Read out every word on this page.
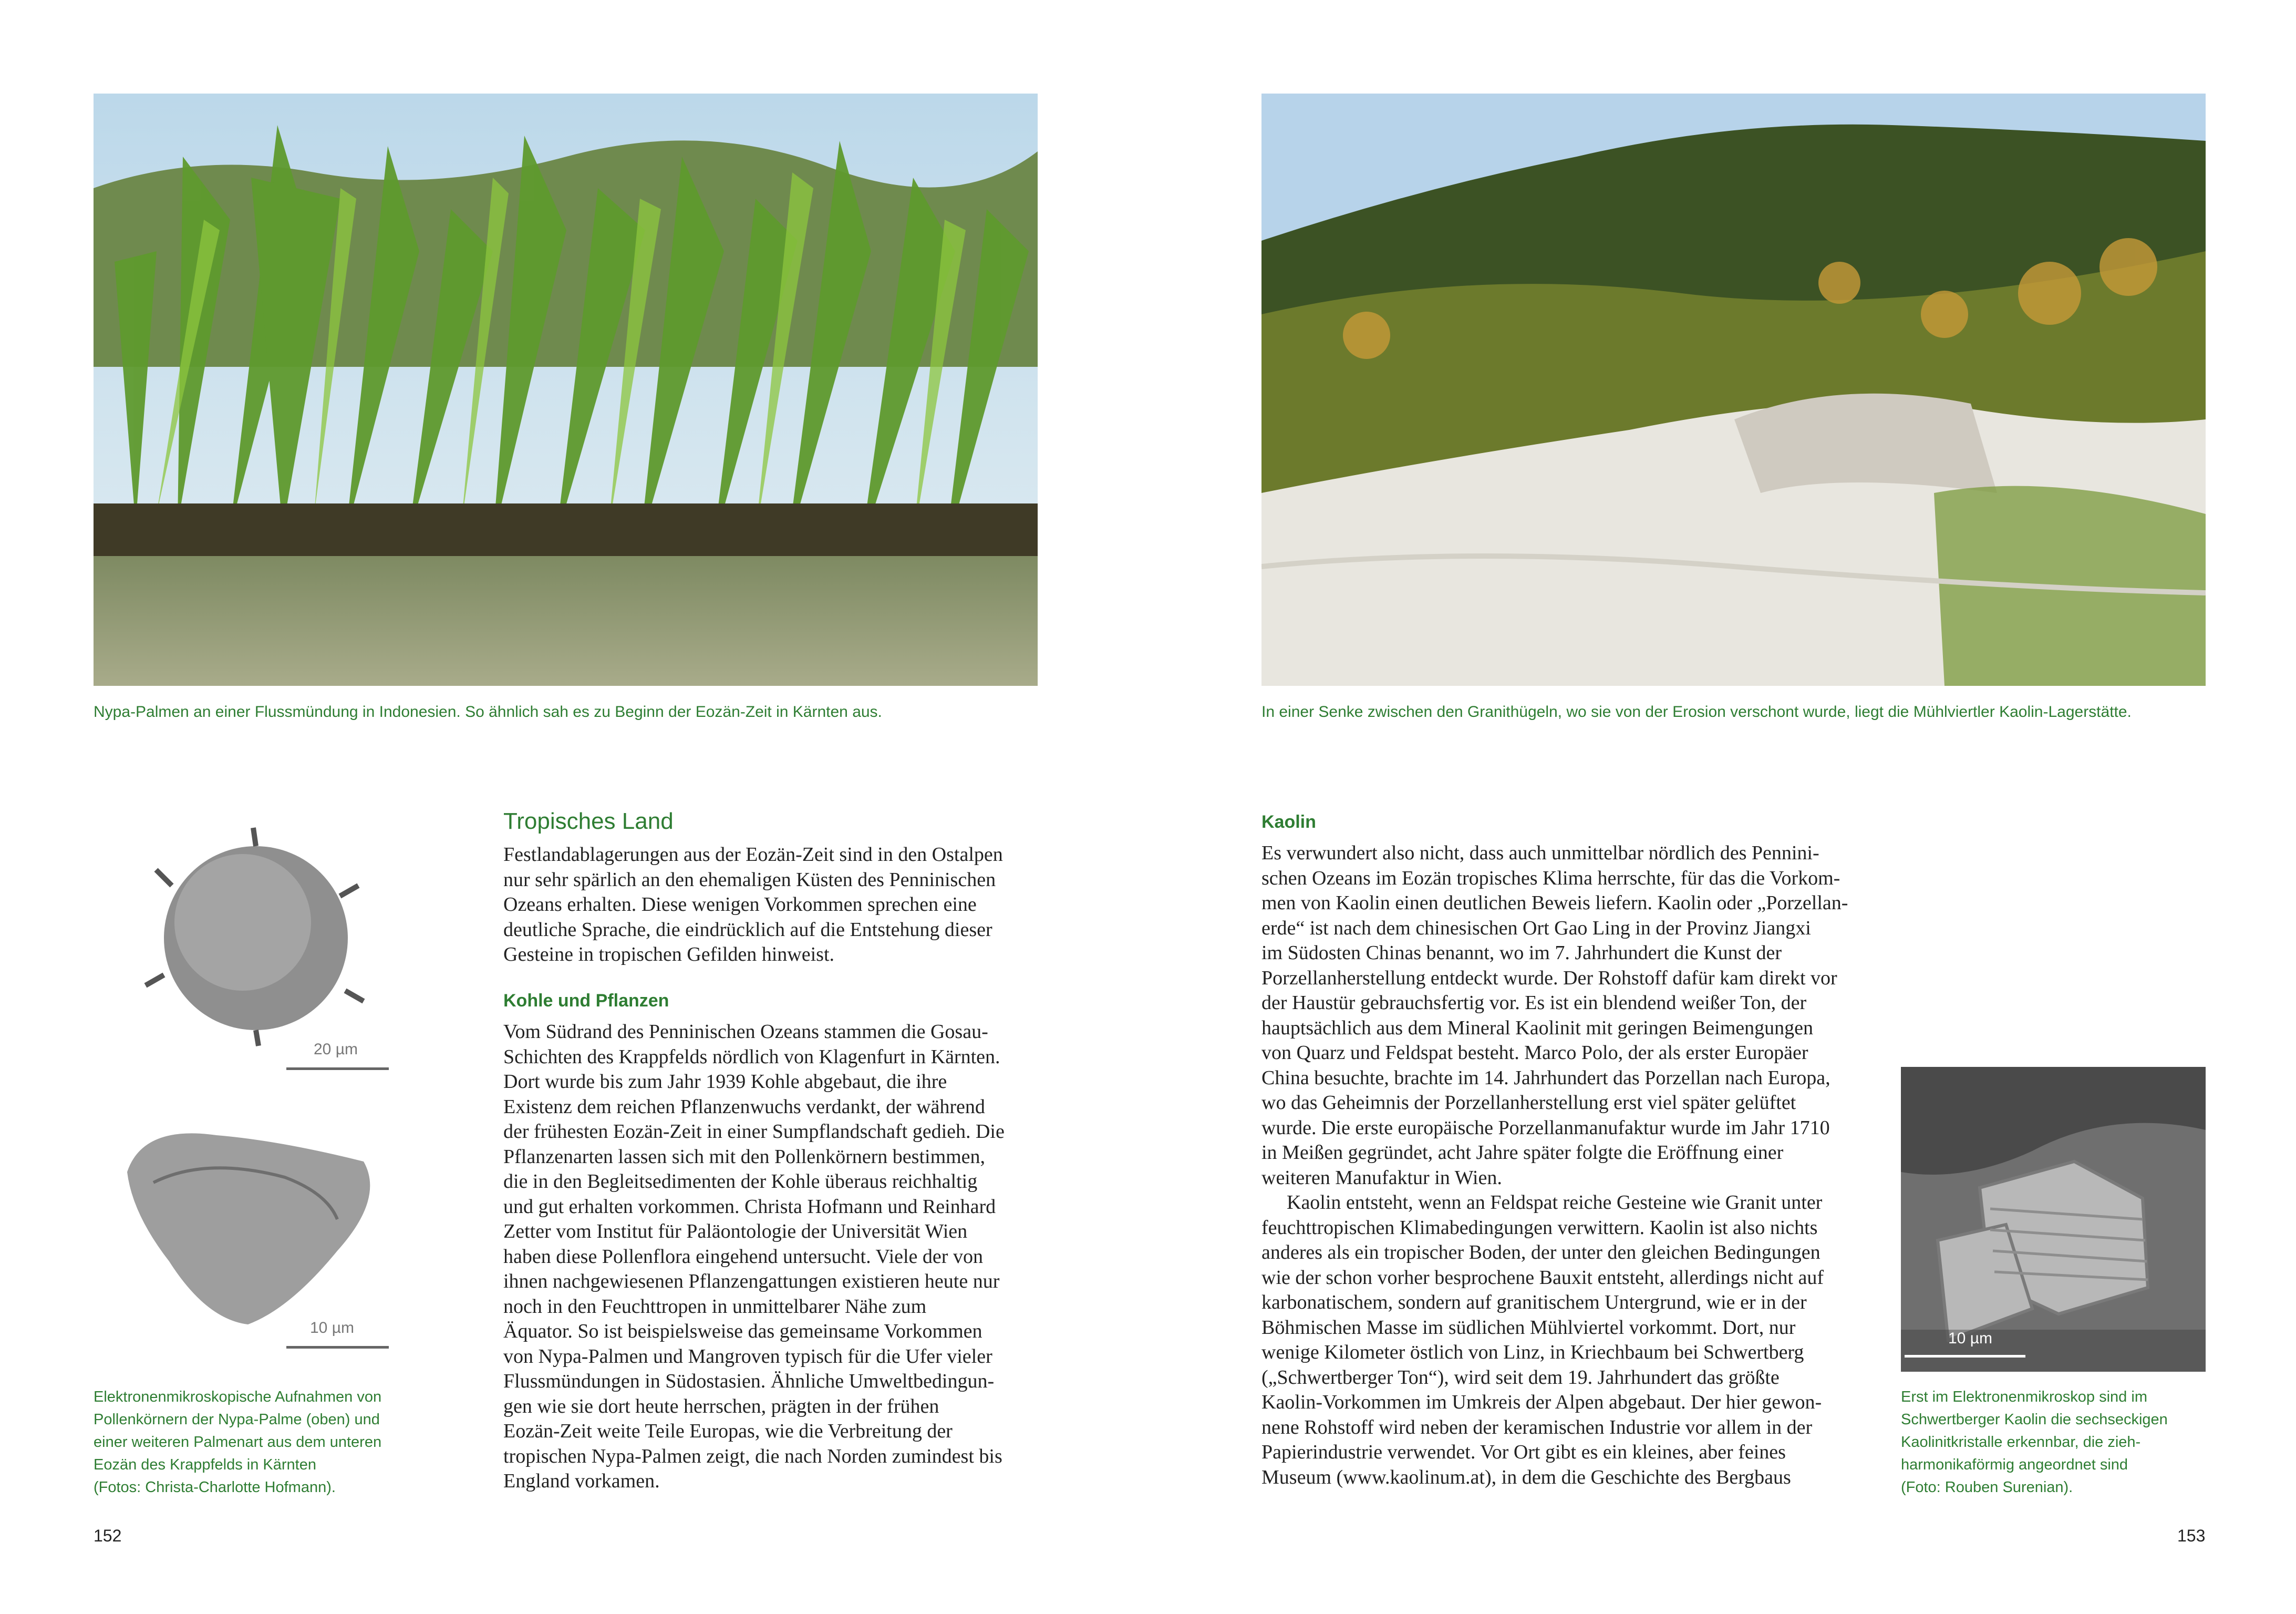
Nypa-Palmen an einer Flussmündung in Indonesien. So ähnlich sah es zu Beginn der Eozän-Zeit in Kärnten aus.
20 µm
10 µm
Elektronenmikroskopische Aufnahmen von
Pollenkörnern der Nypa-Palme (oben) und
einer weiteren Palmenart aus dem unteren
Eozän des Krappfelds in Kärnten
(Fotos: Christa-Charlotte Hofmann).
Tropisches Land
Festlandablagerungen aus der Eozän-Zeit sind in den Ostalpen
nur sehr spärlich an den ehemaligen Küsten des Penninischen
Ozeans erhalten. Diese wenigen Vorkommen sprechen eine
deutliche Sprache, die eindrücklich auf die Entstehung dieser
Gesteine in tropischen Gefilden hinweist.
Kohle und Pflanzen
Vom Südrand des Penninischen Ozeans stammen die Gosau-
Schichten des Krappfelds nördlich von Klagenfurt in Kärnten.
Dort wurde bis zum Jahr 1939 Kohle abgebaut, die ihre
Existenz dem reichen Pflanzenwuchs verdankt, der während
der frühesten Eozän-Zeit in einer Sumpflandschaft gedieh. Die
Pflanzenarten lassen sich mit den Pollenkörnern bestimmen,
die in den Begleitsedimenten der Kohle überaus reichhaltig
und gut erhalten vorkommen. Christa Hofmann und Reinhard
Zetter vom Institut für Paläontologie der Universität Wien
haben diese Pollenflora eingehend untersucht. Viele der von
ihnen nachgewiesenen Pflanzengattungen existieren heute nur
noch in den Feuchttropen in unmittelbarer Nähe zum
Äquator. So ist beispielsweise das gemeinsame Vorkommen
von Nypa-Palmen und Mangroven typisch für die Ufer vieler
Flussmündungen in Südostasien. Ähnliche Umweltbedingun-
gen wie sie dort heute herrschen, prägten in der frühen
Eozän-Zeit weite Teile Europas, wie die Verbreitung der
tropischen Nypa-Palmen zeigt, die nach Norden zumindest bis
England vorkamen.
152
In einer Senke zwischen den Granithügeln, wo sie von der Erosion verschont wurde, liegt die Mühlviertler Kaolin-Lagerstätte.
Kaolin
Es verwundert also nicht, dass auch unmittelbar nördlich des Pennini-
schen Ozeans im Eozän tropisches Klima herrschte, für das die Vorkom-
men von Kaolin einen deutlichen Beweis liefern. Kaolin oder „Porzellan-
erde“ ist nach dem chinesischen Ort Gao Ling in der Provinz Jiangxi
im Südosten Chinas benannt, wo im 7. Jahrhundert die Kunst der
Porzellanherstellung entdeckt wurde. Der Rohstoff dafür kam direkt vor
der Haustür gebrauchsfertig vor. Es ist ein blendend weißer Ton, der
hauptsächlich aus dem Mineral Kaolinit mit geringen Beimengungen
von Quarz und Feldspat besteht. Marco Polo, der als erster Europäer
China besuchte, brachte im 14. Jahrhundert das Porzellan nach Europa,
wo das Geheimnis der Porzellanherstellung erst viel später gelüftet
wurde. Die erste europäische Porzellanmanufaktur wurde im Jahr 1710
in Meißen gegründet, acht Jahre später folgte die Eröffnung einer
weiteren Manufaktur in Wien.
Kaolin entsteht, wenn an Feldspat reiche Gesteine wie Granit unter
feuchttropischen Klimabedingungen verwittern. Kaolin ist also nichts
anderes als ein tropischer Boden, der unter den gleichen Bedingungen
wie der schon vorher besprochene Bauxit entsteht, allerdings nicht auf
karbonatischem, sondern auf granitischem Untergrund, wie er in der
Böhmischen Masse im südlichen Mühlviertel vorkommt. Dort, nur
wenige Kilometer östlich von Linz, in Kriechbaum bei Schwertberg
(„Schwertberger Ton“), wird seit dem 19. Jahrhundert das größte
Kaolin-Vorkommen im Umkreis der Alpen abgebaut. Der hier gewon-
nene Rohstoff wird neben der keramischen Industrie vor allem in der
Papierindustrie verwendet. Vor Ort gibt es ein kleines, aber feines
Museum (www.kaolinum.at), in dem die Geschichte des Bergbaus
10 µm
Erst im Elektronenmikroskop sind im
Schwertberger Kaolin die sechseckigen
Kaolinitkristalle erkennbar, die zieh-
harmonikaförmig angeordnet sind
(Foto: Rouben Surenian).
153
